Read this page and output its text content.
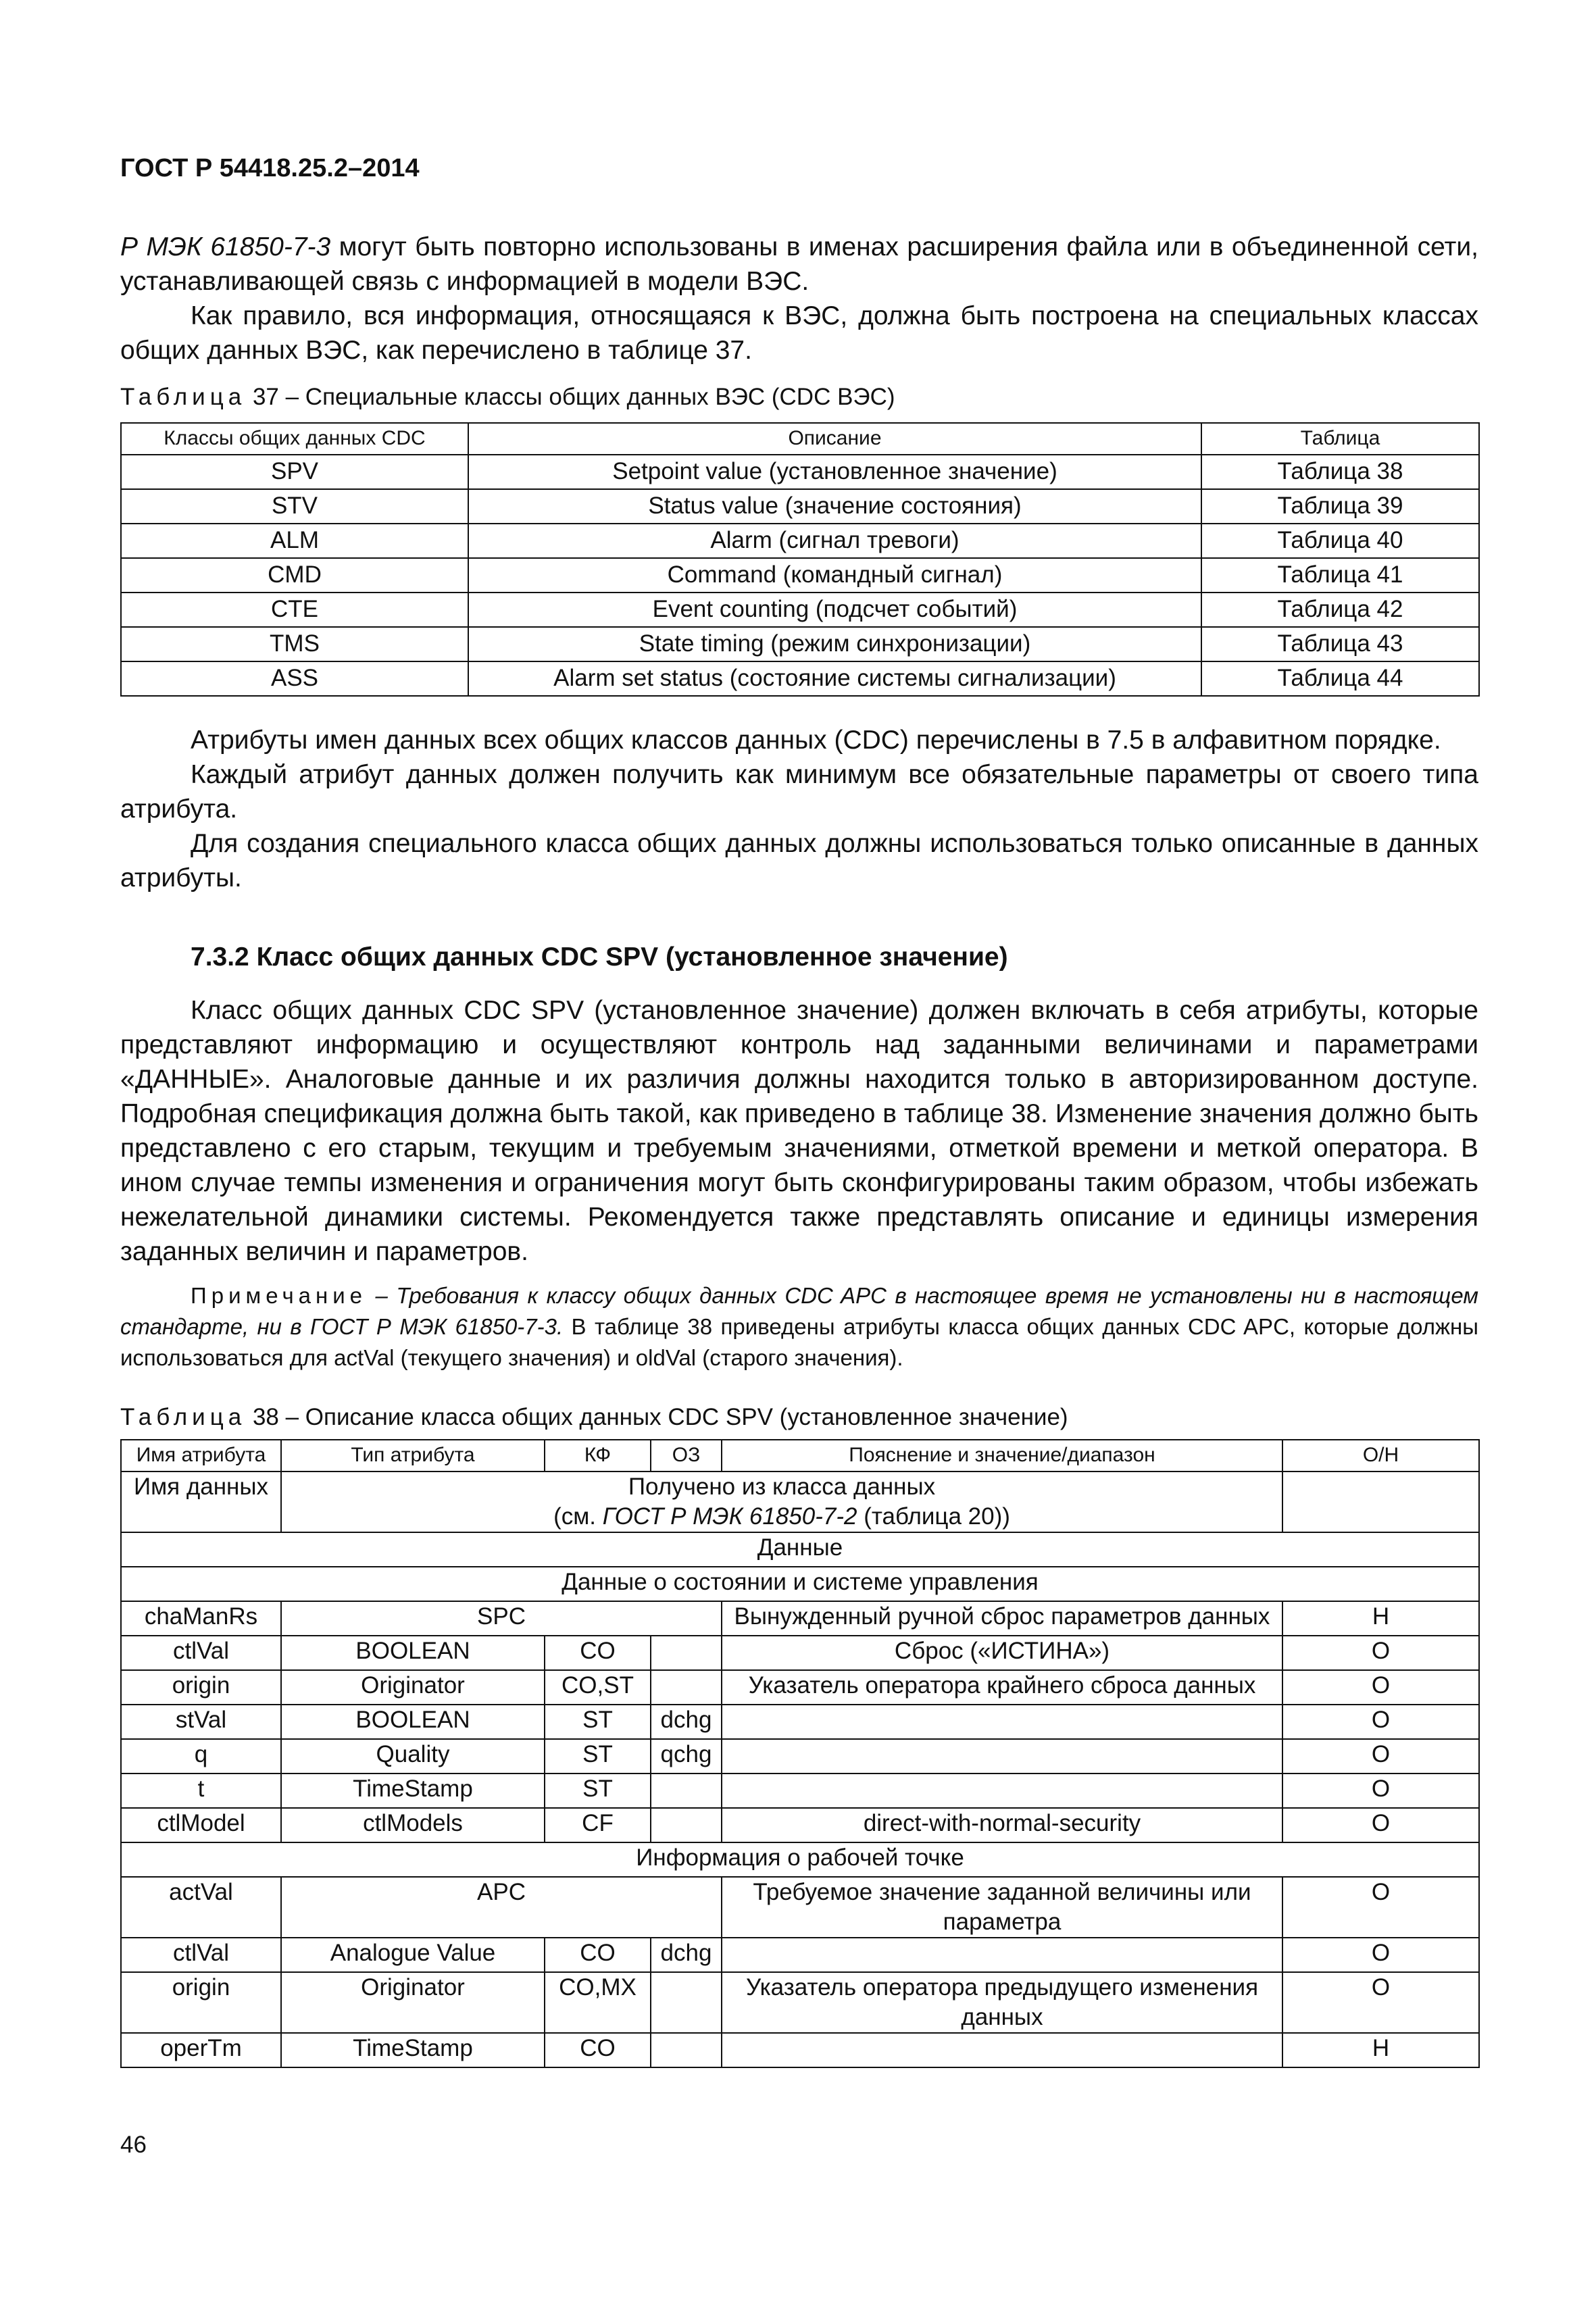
ГОСТ Р 54418.25.2–2014

Р МЭК 61850-7-3 могут быть повторно использованы в именах расширения файла или в объединенной сети, устанавливающей связь с информацией в модели ВЭС.

Как правило, вся информация, относящаяся к ВЭС, должна быть построена на специальных классах общих данных ВЭС, как перечислено в таблице 37.

Таблица 37 – Специальные классы общих данных ВЭС (CDC ВЭС)
Классы общих данных CDC	Описание	Таблица
SPV	Setpoint value (установленное значение)	Таблица 38
STV	Status value (значение состояния)	Таблица 39
ALM	Alarm (сигнал тревоги)	Таблица 40
CMD	Command (командный сигнал)	Таблица 41
CTE	Event counting (подсчет событий)	Таблица 42
TMS	State timing (режим синхронизации)	Таблица 43
ASS	Alarm set status (состояние системы сигнализации)	Таблица 44

Атрибуты имен данных всех общих классов данных (CDC) перечислены в 7.5 в алфавитном порядке.

Каждый атрибут данных должен получить как минимум все обязательные параметры от своего типа атрибута.

Для создания специального класса общих данных должны использоваться только описанные в данных атрибуты.

7.3.2 Класс общих данных CDC SPV (установленное значение)

Класс общих данных CDC SPV (установленное значение) должен включать в себя атрибуты, которые представляют информацию и осуществляют контроль над заданными величинами и параметрами «ДАННЫЕ». Аналоговые данные и их различия должны находится только в авторизированном доступе. Подробная спецификация должна быть такой, как приведено в таблице 38. Изменение значения должно быть представлено с его старым, текущим и требуемым значениями, отметкой времени и меткой оператора. В ином случае темпы изменения и ограничения могут быть сконфигурированы таким образом, чтобы избежать нежелательной динамики системы. Рекомендуется также представлять описание и единицы измерения заданных величин и параметров.

Примечание – Требования к классу общих данных CDC APC в настоящее время не установлены ни в настоящем стандарте, ни в ГОСТ Р МЭК 61850-7-3. В таблице 38 приведены атрибуты класса общих данных CDC APC, которые должны использоваться для actVal (текущего значения) и oldVal (старого значения).
Таблица 38 – Описание класса общих данных CDC SPV (установленное значение)
Имя атрибута	Тип атрибута	КФ	ОЗ	Пояснение и значение/диапазон	О/Н
Имя данных	Получено из класса данных
(см. ГОСТ Р МЭК 61850-7-2 (таблица 20))				

Данные					
Данные о состоянии и системе управления					
chaManRs	SPC			Вынужденный ручной сброс параметров данных	Н
ctlVal	BOOLEAN	CO		Сброс («ИСТИНА»)	О
origin	Originator	CO,ST		Указатель оператора крайнего сброса данных	О
stVal	BOOLEAN	ST	dchg		О
q	Quality	ST	qchg		О
t	TimeStamp	ST			О
ctlModel	ctlModels	CF		direct-with-normal-security	О
Информация о рабочей точке					
actVal	APC			Требуемое значение заданной величины или параметра	О
ctlVal	Analogue Value	CO	dchg		О
origin	Originator	CO,MX		Указатель оператора предыдущего изменения данных	О
operTm	TimeStamp	CO			Н
46
